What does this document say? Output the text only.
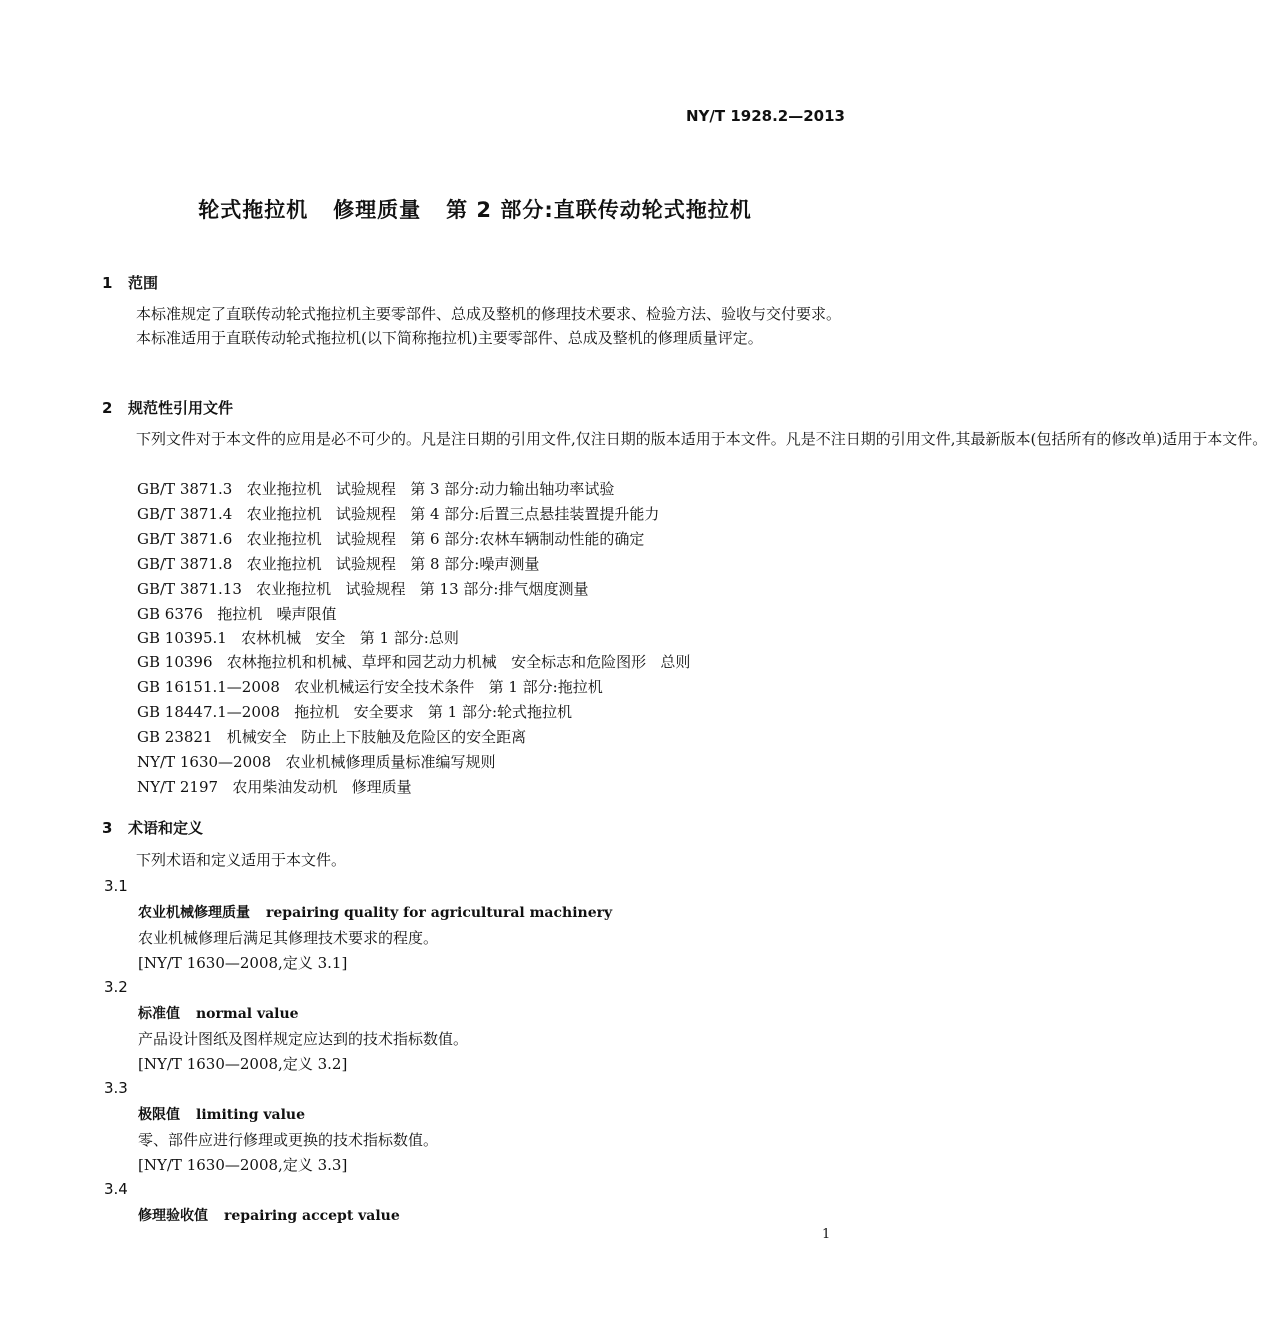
NY/T 1928.2—2013
轮式拖拉机   修理质量   第 2 部分:直联传动轮式拖拉机
1 范围

本标准规定了直联传动轮式拖拉机主要零部件、总成及整机的修理技术要求、检验方法、验收与交付要求。

本标准适用于直联传动轮式拖拉机(以下简称拖拉机)主要零部件、总成及整机的修理质量评定。

2 规范性引用文件

下列文件对于本文件的应用是必不可少的。凡是注日期的引用文件,仅注日期的版本适用于本文件。凡是不注日期的引用文件,其最新版本(包括所有的修改单)适用于本文件。

GB/T 3871.3   农业拖拉机   试验规程   第 3 部分:动力输出轴功率试验
GB/T 3871.4   农业拖拉机   试验规程   第 4 部分:后置三点悬挂装置提升能力
GB/T 3871.6   农业拖拉机   试验规程   第 6 部分:农林车辆制动性能的确定
GB/T 3871.8   农业拖拉机   试验规程   第 8 部分:噪声测量
GB/T 3871.13   农业拖拉机   试验规程   第 13 部分:排气烟度测量
GB 6376   拖拉机   噪声限值
GB 10395.1   农林机械   安全   第 1 部分:总则
GB 10396   农林拖拉机和机械、草坪和园艺动力机械   安全标志和危险图形   总则
GB 16151.1—2008   农业机械运行安全技术条件   第 1 部分:拖拉机
GB 18447.1—2008   拖拉机   安全要求   第 1 部分:轮式拖拉机
GB 23821   机械安全   防止上下肢触及危险区的安全距离
NY/T 1630—2008   农业机械修理质量标准编写规则
NY/T 2197   农用柴油发动机   修理质量
3 术语和定义

下列术语和定义适用于本文件。

3.1
农业机械修理质量 repairing quality for agricultural machinery
农业机械修理后满足其修理技术要求的程度。
[NY/T 1630—2008,定义 3.1]
3.2
标准值 normal value
产品设计图纸及图样规定应达到的技术指标数值。
[NY/T 1630—2008,定义 3.2]
3.3
极限值 limiting value
零、部件应进行修理或更换的技术指标数值。
[NY/T 1630—2008,定义 3.3]
3.4
修理验收值 repairing accept value
1
